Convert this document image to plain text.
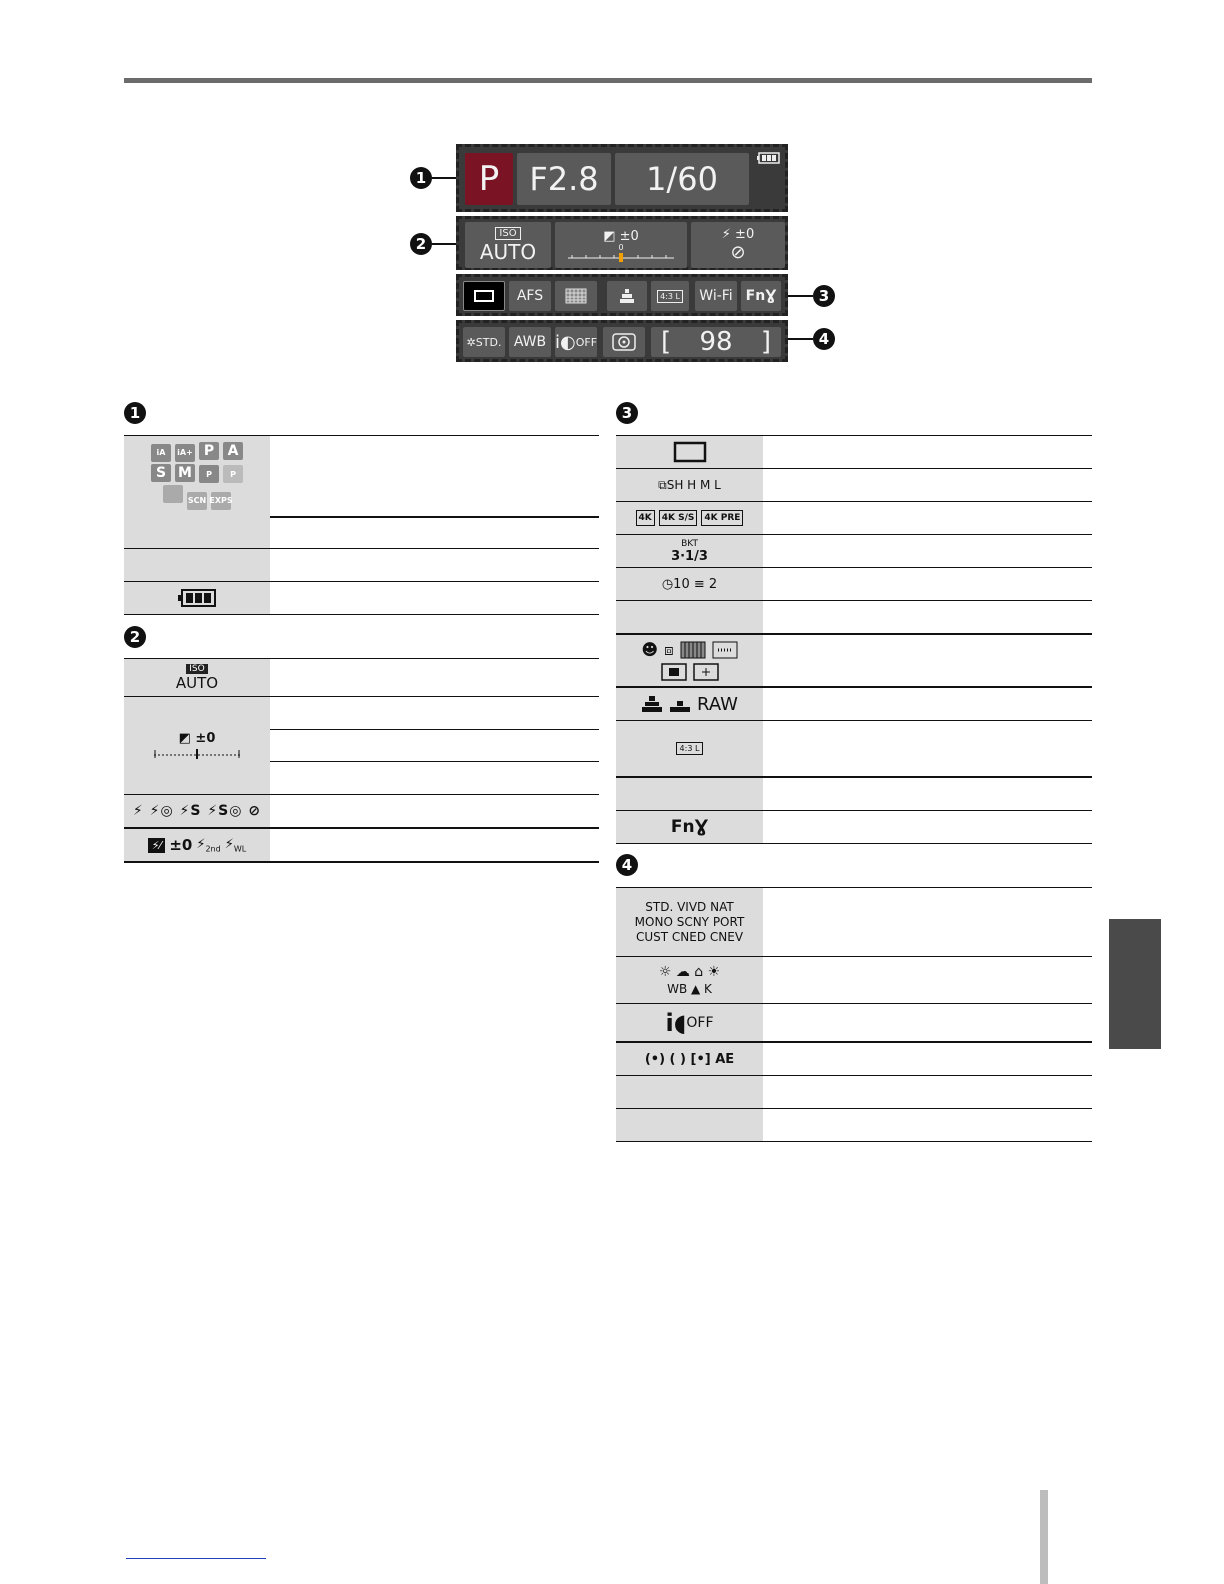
P F2.8	1/60
ISO
AUTO
◩ ±0
0
⚡ ±0
⊘
AFS	4:3 L	Wi-Fi Fn Ɣ
✲ STD. AWB i◐ OFF [ 98 ]
1
2
3
4
1
iA iA+ P A
S M P P
SCN EXPS
2
ISO
AUTO
◩ ±0
⚡ ⚡◎ ⚡S ⚡S◎ ⊘
⚡⁄ ±0 $⚡_{2nd}$ $⚡_{WL}$
3
⧉SH H M L
4K	4K S/S	4K PRE
BKT
3·1/3
◷10 ≡ 2
☻ ⧈
RAW
4:3 L
FnƔ
4
STD. VIVD NAT
MONO SCNY PORT
CUST CNED CNEV
☼ ☁ ⌂ ☀
WB ▲ K
i◖ OFF
(•) ( ) [•] AE
